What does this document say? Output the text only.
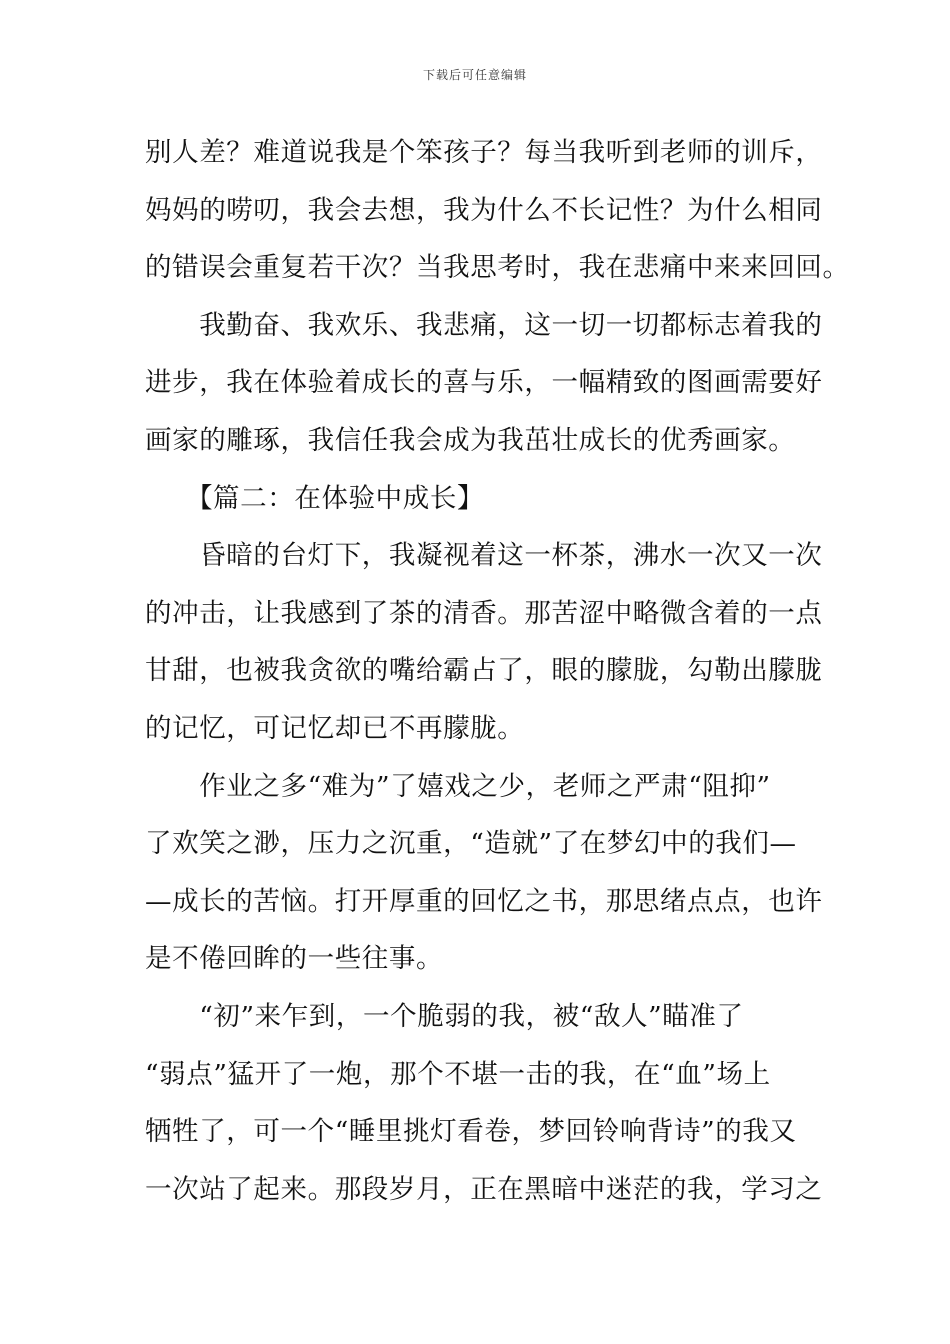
下载后可任意编辑
别人差？难道说我是个笨孩子？每当我听到老师的训斥，
妈妈的唠叨，我会去想，我为什么不长记性？为什么相同
的错误会重复若干次？当我思考时，我在悲痛中来来回回。
　　我勤奋、我欢乐、我悲痛，这一切一切都标志着我的
进步，我在体验着成长的喜与乐，一幅精致的图画需要好
画家的雕琢，我信任我会成为我茁壮成长的优秀画家。
　　【篇二：在体验中成长】
　　昏暗的台灯下，我凝视着这一杯茶，沸水一次又一次
的冲击，让我感到了茶的清香。那苦涩中略微含着的一点
甘甜，也被我贪欲的嘴给霸占了，眼的朦胧，勾勒出朦胧
的记忆，可记忆却已不再朦胧。
　　作业之多“难为”了嬉戏之少，老师之严肃“阻抑”
了欢笑之渺，压力之沉重，“造就”了在梦幻中的我们—
—成长的苦恼。打开厚重的回忆之书，那思绪点点，也许
是不倦回眸的一些往事。
　　“初”来乍到，一个脆弱的我，被“敌人”瞄准了
“弱点”猛开了一炮，那个不堪一击的我，在“血”场上
牺牲了，可一个“睡里挑灯看卷，梦回铃响背诗”的我又
一次站了起来。那段岁月，正在黑暗中迷茫的我，学习之
